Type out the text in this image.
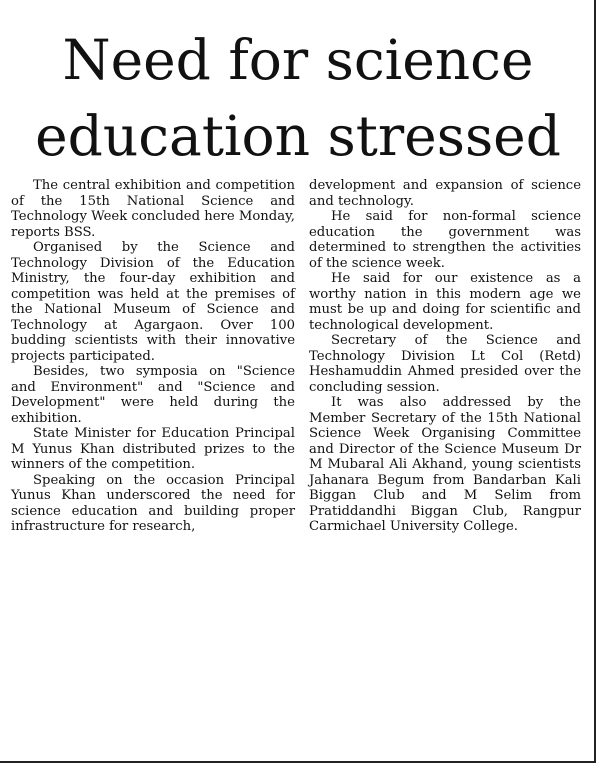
Need for science
education stressed

The central exhibition and competition of the 15th National Science and Technology Week concluded here Monday, reports BSS.

Organised by the Science and Technology Division of the Education Ministry, the four-day exhibition and competition was held at the premises of the National Museum of Science and Technology at Agargaon. Over 100 budding scientists with their innovative projects participated.

Besides, two symposia on "Science and Environment" and "Science and Development" were held during the exhibition.

State Minister for Education Principal M Yunus Khan distributed prizes to the winners of the competition.

Speaking on the occasion Principal Yunus Khan underscored the need for science education and building proper infrastructure for research,

development and expansion of science and technology.

He said for non-formal science education the government was determined to strengthen the activities of the science week.

He said for our existence as a worthy nation in this modern age we must be up and doing for scientific and technological development.

Secretary of the Science and Technology Division Lt Col (Retd) Heshamuddin Ahmed presided over the concluding session.

It was also addressed by the Member Secretary of the 15th National Science Week Organising Committee and Director of the Science Museum Dr M Mubaral Ali Akhand, young scientists Jahanara Begum from Bandarban Kali Biggan Club and M Selim from Pratiddandhi Biggan Club, Rangpur Carmichael University College.
